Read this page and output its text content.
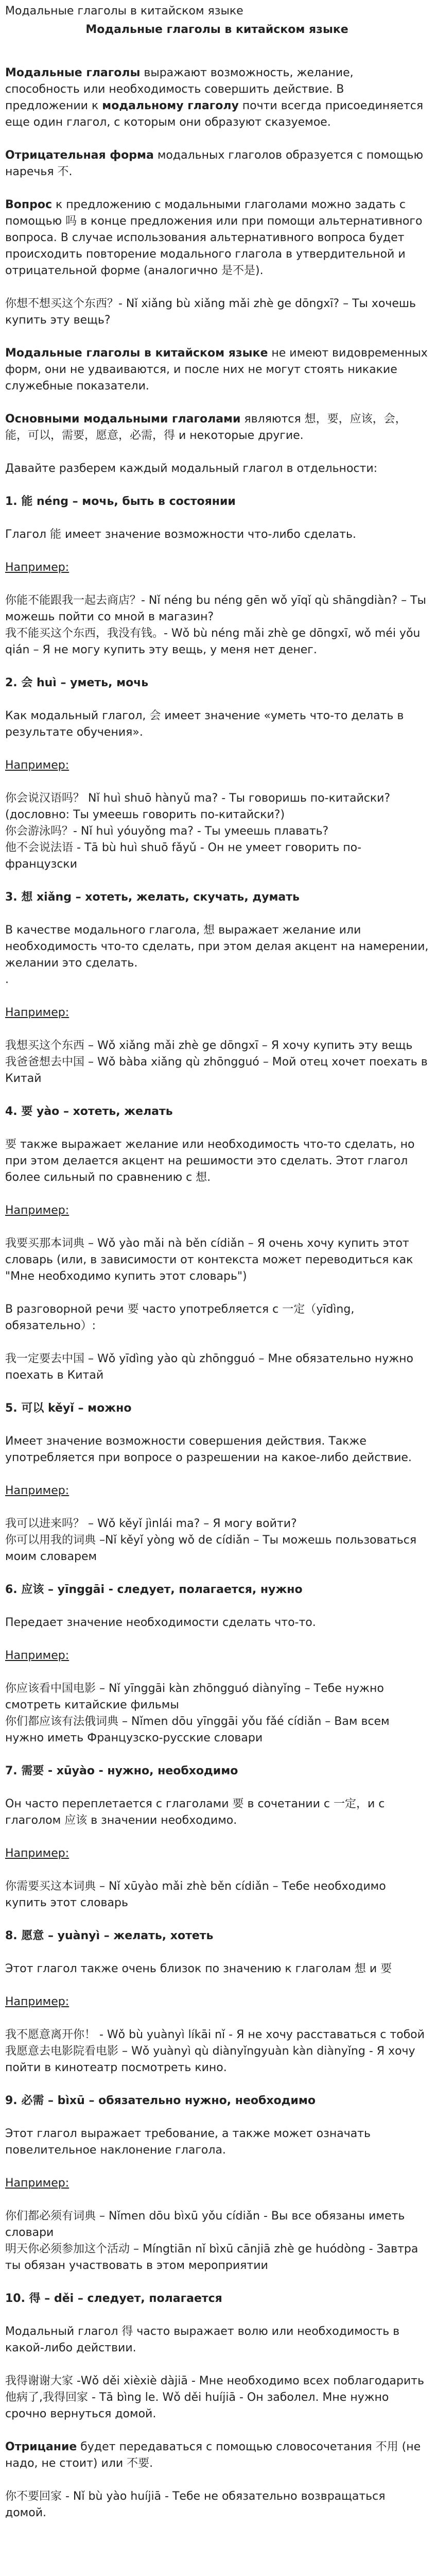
Модальные глаголы в китайском языке

Модальные глаголы в китайском языке

Модальные глаголы выражают возможность, желание, способность или необходимость совершить действие. В предложении к модальному глаголу почти всегда присоединяется еще один глагол, с которым они образуют сказуемое.

Отрицательная форма модальных глаголов образуется с помощью наречья 不.

Вопрос к предложению с модальными глаголами можно задать с помощью 吗 в конце предложения или при помощи альтернативного вопроса. В случае использования альтернативного вопроса будет происходить повторение модального глагола в утвердительной и отрицательной форме (аналогично 是不是).

你想不想买这个东西？- Nǐ xiǎng bù xiǎng mǎi zhè ge dōngxī? – Ты хочешь купить эту вещь?

Модальные глаголы в китайском языке не имеют видовременных форм, они не удваиваются, и после них не могут стоять никакие служебные показатели.

Основными модальными глаголами являются 想，要，应该，会，能，可以，需要，愿意，必需，得 и некоторые другие.

Давайте разберем каждый модальный глагол в отдельности:

1. 能 néng – мочь, быть в состоянии

Глагол 能 имеет значение возможности что-либо сделать.

Например:

你能不能跟我一起去商店？- Nǐ néng bu néng gēn wǒ yīqǐ qù shāngdiàn? – Ты можешь пойти со мной в магазин?

我不能买这个东西，我没有钱。- Wǒ bù néng mǎi zhè ge dōngxī, wǒ méi yǒu qián – Я не могу купить эту вещь, у меня нет денег.

2. 会 huì – уметь, мочь

Как модальный глагол, 会 имеет значение «уметь что-то делать в результате обучения».

Например:

你会说汉语吗？ Nǐ huì shuō hànyǔ ma? - Ты говоришь по-китайски? (дословно: Ты умеешь говорить по-китайски?)

你会游泳吗？- Nǐ huì yóuyǒng ma? - Ты умеешь плавать?

他不会说法语 - Tā bù huì shuō fǎyǔ - Он не умеет говорить по-французски

3. 想 xiǎng – хотеть, желать, скучать, думать

В качестве модального глагола, 想 выражает желание или необходимость что-то сделать, при этом делая акцент на намерении, желании это сделать.

.

Например:

我想买这个东西 – Wǒ xiǎng mǎi zhè ge dōngxī – Я хочу купить эту вещь

我爸爸想去中国 – Wǒ bàba xiǎng qù zhōngguó – Мой отец хочет поехать в Китай

4. 要 yào – хотеть, желать

要 также выражает желание или необходимость что-то сделать, но при этом делается акцент на решимости это сделать. Этот глагол более сильный по сравнению с 想.

Например:

我要买那本词典 – Wǒ yào mǎi nà běn cídiǎn – Я очень хочу купить этот словарь (или, в зависимости от контекста может переводиться как "Мне необходимо купить этот словарь")

В разговорной речи 要 часто употребляется с 一定（yīdìng, обязательно）:

我一定要去中国 – Wǒ yīdìng yào qù zhōngguó – Мне обязательно нужно поехать в Китай

5. 可以 kěyǐ – можно

Имеет значение возможности совершения действия. Также употребляется при вопросе о разрешении на какое-либо действие.

Например:

我可以进来吗？ – Wǒ kěyǐ jìnlái ma? – Я могу войти?

你可以用我的词典 –Nǐ kěyǐ yòng wǒ de cídiǎn – Ты можешь пользоваться моим словарем

6. 应该 – yīnggāi - следует, полагается, нужно

Передает значение необходимости сделать что-то.

Например:

你应该看中国电影 – Nǐ yīnggāi kàn zhōngguó diànyǐng – Тебе нужно смотреть китайские фильмы

你们都应该有法俄词典 – Nǐmen dōu yīnggāi yǒu fǎé cídiǎn – Вам всем нужно иметь Французско-русские словари

7. 需要 - xūyào - нужно, необходимо

Он часто переплетается с глаголами 要 в сочетании с 一定，и с глаголом 应该 в значении необходимо.

Например:

你需要买这本词典 – Nǐ xūyào mǎi zhè běn cídiǎn – Тебе необходимо купить этот словарь

8. 愿意 – yuànyì – желать, хотеть

Этот глагол также очень близок по значению к глаголам 想 и 要

Например:

我不愿意离开你！ - Wǒ bù yuànyì líkāi nǐ - Я не хочу расставаться с тобой

我愿意去电影院看电影 – Wǒ yuànyì qù diànyǐngyuàn kàn diànyǐng - Я хочу пойти в кинотеатр посмотреть кино.

9. 必需 – bìxū – обязательно нужно, необходимо

Этот глагол выражает требование, а также может означать повелительное наклонение глагола.

Например:

你们都必须有词典 – Nǐmen dōu bìxū yǒu cídiǎn - Вы все обязаны иметь словари

明天你必须参加这个活动 – Míngtiān nǐ bìxū cānjiā zhè ge huódòng - Завтра ты обязан участвовать в этом мероприятии

10. 得 – děi – следует, полагается

Модальный глагол 得 часто выражает волю или необходимость в какой-либо действии.

我得谢谢大家 -Wǒ děi xièxiè dàjiā - Мне необходимо всех поблагодарить

他病了,我得回家 - Tā bìng le. Wǒ děi huíjiā - Он заболел. Мне нужно срочно вернуться домой.

Отрицание будет передаваться с помощью словосочетания 不用 (не надо, не стоит) или 不要.

你不要回家 - Nǐ bù yào huíjiā - Тебе не обязательно возвращаться домой.
